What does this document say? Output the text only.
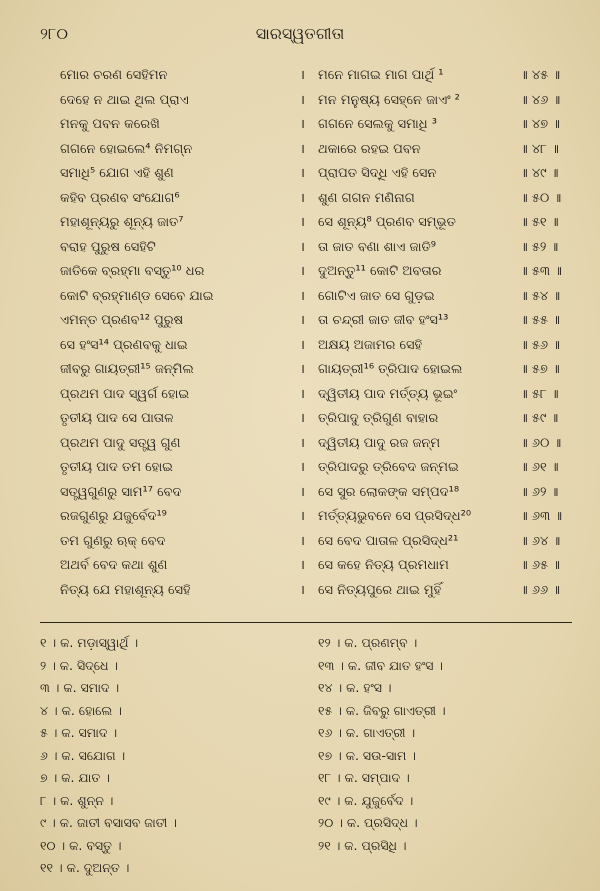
୨୮୦	ସାରସ୍ୱତଗୀତା
ମୋର ଚରଣ ସେହିମନ	। ମନେ ମାଗଇ ମାଗ ପାର୍ଥି ¹	॥ ୪୫ ॥
ଦେହେ ନ ଥାଇ ଥିଲ ପ୍ରାଏ	। ମନ ମନୁଷ୍ୟ ସେହ୍ନେ ଜାଏଂ ²	॥ ୪୬ ॥
ମନକୁ ପବନ କରେଖି	। ଗଗନେ ସେଲକୁ ସମାଧି ³	॥ ୪୭ ॥
ଗଗନେ ହୋଇଲେ⁴ ନିମଗ୍ନ	। ଥକାରେ ରହଇ ପବନ	॥ ୪୮ ॥
ସମାଧି⁵ ଯୋଗ ଏହି ଶୁଣ	। ପ୍ରାପତ ସିଦ୍ଧି ଏହି ସେନ	॥ ୪୯ ॥
କହିବ ପ୍ରଣବ ସଂଯୋଗ⁶	। ଶୁଣ ଗଗନ ମଣିନାଗ	॥ ୫୦ ॥
ମହାଶୂନ୍ୟରୁ ଶୂନ୍ୟ ଜାତ⁷	। ସେ ଶୂନ୍ୟ⁸ ପ୍ରଣବ ସମ୍ଭୂତ	॥ ୫୧ ॥
ବରାହ ପୁରୁଷ ସେହିଟି	। ତା ଜାତ ବଣା ଶାଏ ଜାତି⁹	॥ ୫୨ ॥
ଜାତିକେ ବ୍ରହ୍ମା ବସ୍ତୁ¹⁰ ଧର	। ଦୁଅନ୍ତୁ¹¹ କୋଟି ଅବତାର	॥ ୫୩ ॥
କୋଟି ବ୍ରହ୍ମାଣ୍ଡ ସେବେ ଯାଇ	। ଗୋଟିଏ ଜାତ ସେ ଗୁଡ଼ଇ	॥ ୫୪ ॥
ଏମନ୍ତ ପ୍ରଣବ¹² ପୁରୁଷ	। ତା ଚନ୍ଦ୍ରୀ ଜାତ ଜୀବ ହଂସ¹³	॥ ୫୫ ॥
ସେ ହଂସ¹⁴ ପ୍ରଣବକୁ ଧାଇ	। ଅକ୍ଷୟ ଅଜାମର ସେହି	॥ ୫୬ ॥
ଜୀବରୁ ଗାୟତ୍ରୀ¹⁵ ଜନ୍ମିଲ	। ଗାୟତ୍ରୀ¹⁶ ତ୍ରିପାଦ ହୋଇଲ	॥ ୫୭ ॥
ପ୍ରଥମ ପାଦ ସ୍ୱର୍ଗ ହୋଇ	। ଦ୍ୱିତୀୟ ପାଦ ମର୍ତ୍ତ୍ୟ ଭୂଇଂ	॥ ୫୮ ॥
ତୃତୀୟ ପାଦ ସେ ପାତାଳ	। ତ୍ରିପାଦୁ ତ୍ରିଗୁଣ ବାହାର	॥ ୫୯ ॥
ପ୍ରଥମ ପାଦୁ ସତ୍ତ୍ୱ ଗୁଣ	। ଦ୍ୱିତୀୟ ପାଦୁ ରଜ ଜନ୍ମ	॥ ୬୦ ॥
ତୃତୀୟ ପାଦ ତମ ହୋଇ	। ତ୍ରିପାଦରୁ ତ୍ରିବେଦ ଜନ୍ମଇ	॥ ୬୧ ॥
ସତ୍ତ୍ୱଗୁଣରୁ ସାମ¹⁷ ବେଦ	। ସେ ସୁର ଲୋକଙ୍କ ସମ୍ପଦ¹⁸	॥ ୬୨ ॥
ରଜଗୁଣରୁ ଯଜୁର୍ବେଦ¹⁹	। ମର୍ତ୍ତ୍ୟଭୁବନେ ସେ ପ୍ରସିଦ୍ଧ²⁰	॥ ୬୩ ॥
ତମ ଗୁଣରୁ ଋକ୍ ବେଦ	। ସେ ବେଦ ପାତାଳ ପ୍ରସିଦ୍ଧ²¹	॥ ୬୪ ॥
ଅଥର୍ବ ବେଦ କଥା ଶୁଣ	। ସେ କହେ ନିତ୍ୟ ପ୍ରମଧାମ	॥ ୬୫ ॥
ନିତ୍ୟ ଯେ ମହାଶୂନ୍ୟ ସେହି	। ସେ ନିତ୍ୟପୁରେ ଥାଇ ମୁହିଁ	॥ ୬୬ ॥
୧ । କ. ମଡ଼ାସ୍ୱାର୍ଥି ।
୨ । କ. ସିଦ୍ଧେ ।
୩ । କ. ସମାଦ ।
୪ । କ. ହୋଲେ ।
୫ । କ. ସମାଦ ।
୬ । କ. ସଯୋଗ ।
୭ । କ. ଯାତ ।
୮ । କ. ଶୁନ୍ନ ।
୯ । କ. ଜାତୀ ବସାସବ ଜାତୀ ।
୧୦ । କ. ବସ୍ତୁ ।
୧୧ । କ. ଦୁଅନ୍ତ ।
୧୨ । କ. ପ୍ରଣମ୍ବ ।
୧୩ । କ. ଜୀବ ଯାତ ହଂସ ।
୧୪ । କ. ହଂସ ।
୧୫ । କ. ଜିବରୁ ଗାଏତ୍ରୀ ।
୧୬ । କ. ଗାଏତ୍ରୀ ।
୧୭ । କ. ସଉ-ସାମ ।
୧୮ । କ. ସମ୍ପାଦ ।
୧୯ । କ. ଯୁଜୁର୍ବେଦ ।
୨୦ । କ. ପ୍ରସିଦ୍ଧ ।
୨୧ । କ. ପ୍ରସିଧି ।
